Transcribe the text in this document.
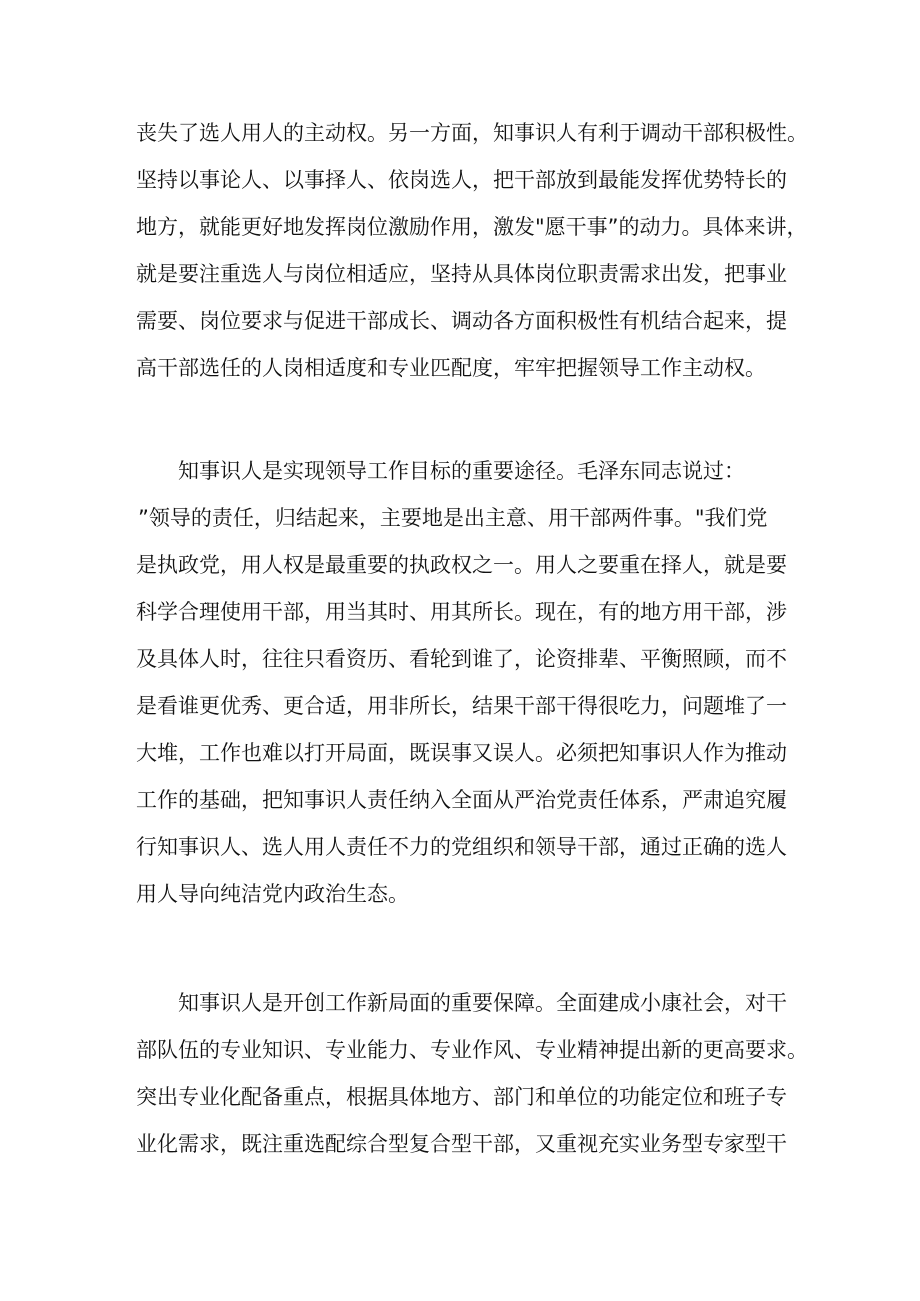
丧失了选人用人的主动权。另一方面，知事识人有利于调动干部积极性。
坚持以事论人、以事择人、依岗选人，把干部放到最能发挥优势特长的
地方，就能更好地发挥岗位激励作用，激发"愿干事”的动力。具体来讲，
就是要注重选人与岗位相适应，坚持从具体岗位职责需求出发，把事业
需要、岗位要求与促进干部成长、调动各方面积极性有机结合起来，提
高干部选任的人岗相适度和专业匹配度，牢牢把握领导工作主动权。
知事识人是实现领导工作目标的重要途径。毛泽东同志说过：
”领导的责任，归结起来，主要地是出主意、用干部两件事。"我们党
是执政党，用人权是最重要的执政权之一。用人之要重在择人，就是要
科学合理使用干部，用当其时、用其所长。现在，有的地方用干部，涉
及具体人时，往往只看资历、看轮到谁了，论资排辈、平衡照顾，而不
是看谁更优秀、更合适，用非所长，结果干部干得很吃力，问题堆了一
大堆，工作也难以打开局面，既误事又误人。必须把知事识人作为推动
工作的基础，把知事识人责任纳入全面从严治党责任体系，严肃追究履
行知事识人、选人用人责任不力的党组织和领导干部，通过正确的选人
用人导向纯洁党内政治生态。
知事识人是开创工作新局面的重要保障。全面建成小康社会，对干
部队伍的专业知识、专业能力、专业作风、专业精神提出新的更高要求。
突出专业化配备重点，根据具体地方、部门和单位的功能定位和班子专
业化需求，既注重选配综合型复合型干部，又重视充实业务型专家型干
